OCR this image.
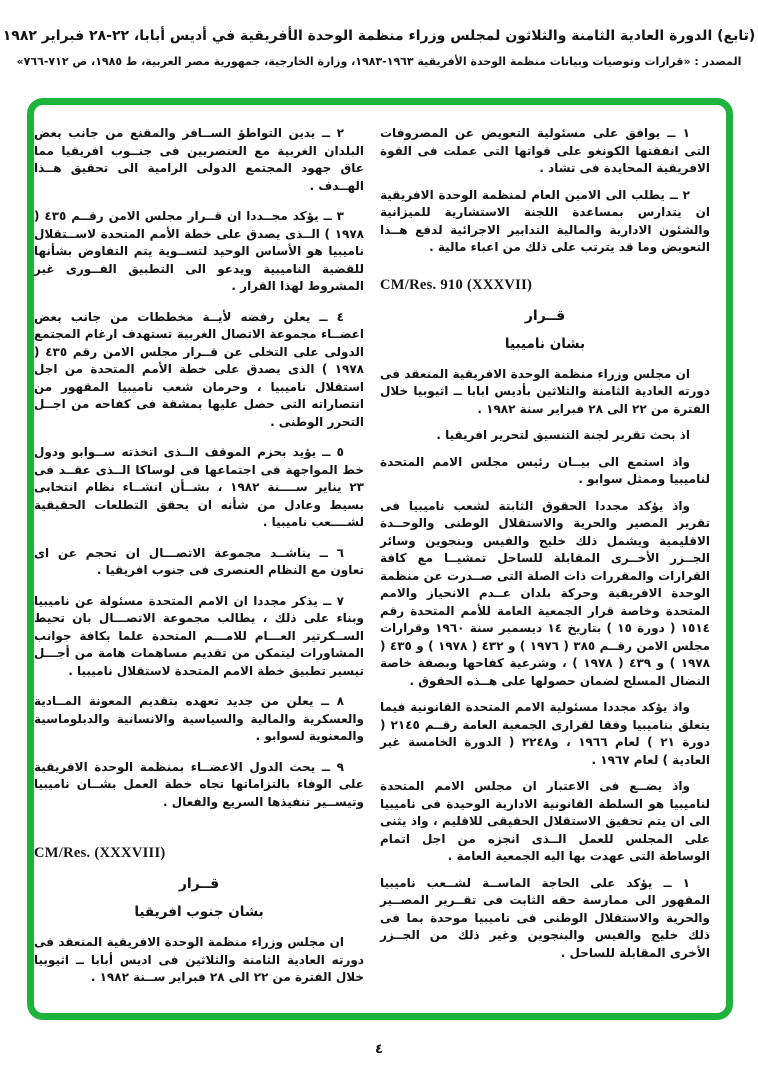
(تابع) الدورة العادية الثامنة والثلاثون لمجلس وزراء منظمة الوحدة الأفريقية في أديس أبابا، ٢٢-٢٨ فبراير ١٩٨٢
المصدر : «قرارات وتوصيات وبيانات منظمة الوحدة الأفريقية ١٩٦٣-١٩٨٣، وزارة الخارجية، جمهورية مصر العربية، ط ١٩٨٥، ص ٧١٢-٧٦٦»

١ ــ يوافق على مسئولية التعويض عن المصروفات التى انفقتها الكونغو على قواتها التى عملت فى القوة الافريقية المحايدة فى تشاد .

٢ ــ يطلب الى الامين العام لمنظمة الوحدة الافريقية ان يتدارس بمساعدة اللجنة الاستشارية للميزانية والشئون الادارية والمالية التدابير الاجرائية لدفع هــذا التعويض وما قد يترتب على ذلك من اعباء مالية .

CM/Res. 910 (XXXVII)
قــرار
بشان ناميبيا

ان مجلس وزراء منظمة الوحدة الافريقية المنعقد فى دورته العادية الثامنة والثلاثين بأديس ابابا ــ اثيوبيا خلال الفترة من ٢٢ الى ٢٨ فبراير سنة ١٩٨٢ .

اذ بحث تقرير لجنة التنسيق لتحرير افريقيا .

واذ استمع الى بيــان رئيس مجلس الامم المتحدة لناميبيا وممثل سوابو .

واذ يؤكد مجددا الحقوق الثابتة لشعب ناميبيا فى تقرير المصير والحرية والاستقلال الوطنى والوحــدة الاقليمية ويشمل ذلك خليج والفيس وبنجوين وسائر الجــزر الأخــرى المقابلة للساحل تمشيــا مع كافة القرارات والمقررات ذات الصلة التى صــدرت عن منظمة الوحدة الافريقية وحركة بلدان عــدم الانحياز والامم المتحدة وخاصة قرار الجمعية العامة للأمم المتحدة رقم ١٥١٤ ( دورة ١٥ ) بتاريخ ١٤ ديسمبر سنة ١٩٦٠ وقرارات مجلس الامن رقــم ٣٨٥ ( ١٩٧٦ ) و ٤٣٢ ( ١٩٧٨ ) و ٤٣٥ ( ١٩٧٨ ) و ٤٣٩ ( ١٩٧٨ ) ، وشرعية كفاحها وبصفة خاصة النضال المسلح لضمان حصولها على هــذه الحقوق .

واذ يؤكد مجددا مسئولية الامم المتحدة القانونية فيما يتعلق بناميبيا وفقا لقرارى الجمعية العامة رقــم ٢١٤٥ ( دورة ٢١ ) لعام ١٩٦٦ ، و٢٢٤٨ ( الدورة الخامسة غير العادية ) لعام ١٩٦٧ .

واذ يضــع فى الاعتبار ان مجلس الامم المتحدة لناميبيا هو السلطة القانونية الادارية الوحيدة فى ناميبيا الى ان يتم تحقيق الاستقلال الحقيقى للاقليم ، واذ يثنى على المجلس للعمل الــذى انجزه من اجل اتمام الوساطة التى عهدت بها اليه الجمعية العامة .

١ ــ يؤكد على الحاجة الماســة لشــعب ناميبيا المقهور الى ممارسة حقه الثابت فى تقــرير المصــير والحرية والاستقلال الوطنى فى ناميبيا موحدة بما فى ذلك خليج والفيس والبنجوين وغير ذلك من الجــزر الأخرى المقابلة للساحل .

٢ ــ يدين التواطؤ الســافر والمقنع من جانب بعض البلدان الغربية مع العنصريين فى جنــوب افريقيا مما عاق جهود المجتمع الدولى الرامية الى تحقيق هــذا الهــدف .

٣ ــ يؤكد مجــددا ان قــرار مجلس الامن رقــم ٤٣٥ ( ١٩٧٨ ) الــذى يصدق على خطة الأمم المتحدة لاســتقلال ناميبيا هو الأساس الوحيد لتســوية يتم التفاوض بشأنها للقضية الناميبية ويدعو الى التطبيق الفــورى غير المشروط لهذا القرار .

٤ ــ يعلن رفضه لأيــة مخططات من جانب بعض اعضــاء مجموعة الاتصال الغربية تستهدف ارغام المجتمع الدولى على التخلى عن قــرار مجلس الامن رقم ٤٣٥ ( ١٩٧٨ ) الذى يصدق على خطة الأمم المتحدة من اجل استقلال ناميبيا ، وحرمان شعب ناميبيا المقهور من انتصاراته التى حصل عليها بمشقة فى كفاحه من اجــل التحرر الوطنى .

٥ ــ يؤيد بحزم الموقف الــذى اتخذته ســوابو ودول خط المواجهة فى اجتماعها فى لوساكا الــذى عقــد فى ٢٣ يناير ســــنة ١٩٨٢ ، بشــأن انشــاء نظام انتخابى بسيط وعادل من شأنه ان يحقق التطلعات الحقيقية لشــــعب ناميبيا .

٦ ــ يناشــد مجموعة الاتصـــال ان تحجم عن اى تعاون مع النظام العنصرى فى جنوب افريقيا .

٧ ــ يذكر مجددا ان الامم المتحدة مسئولة عن ناميبيا وبناء على ذلك ، يطالب مجموعة الاتصـــال بان تحيط الســكرتير العـــام للامـــم المتحدة علما بكافة جوانب المشاورات ليتمكن من تقديم مساهمات هامة من أجـــل تيسير تطبيق خطة الامم المتحدة لاستقلال ناميبيا .

٨ ــ يعلن من جديد تعهده بتقديم المعونة المــادية والعسكرية والمالية والسياسية والانسانية والدبلوماسية والمعنوية لسوابو .

٩ ــ يحث الدول الاعضــاء بمنظمة الوحدة الافريقية على الوفاء بالتزاماتها تجاه خطة العمل بشــان ناميبيا وتيســير تنفيذها السريع والفعال .

CM/Res. (XXXVIII)
قــرار
بشان جنوب افريقيا

ان مجلس وزراء منظمة الوحدة الافريقية المنعقد فى دورته العادية الثامنة والثلاثين فى اديس أبابا ــ اثيوبيا خلال الفترة من ٢٢ الى ٢٨ فبراير ســنة ١٩٨٢ .

٤
